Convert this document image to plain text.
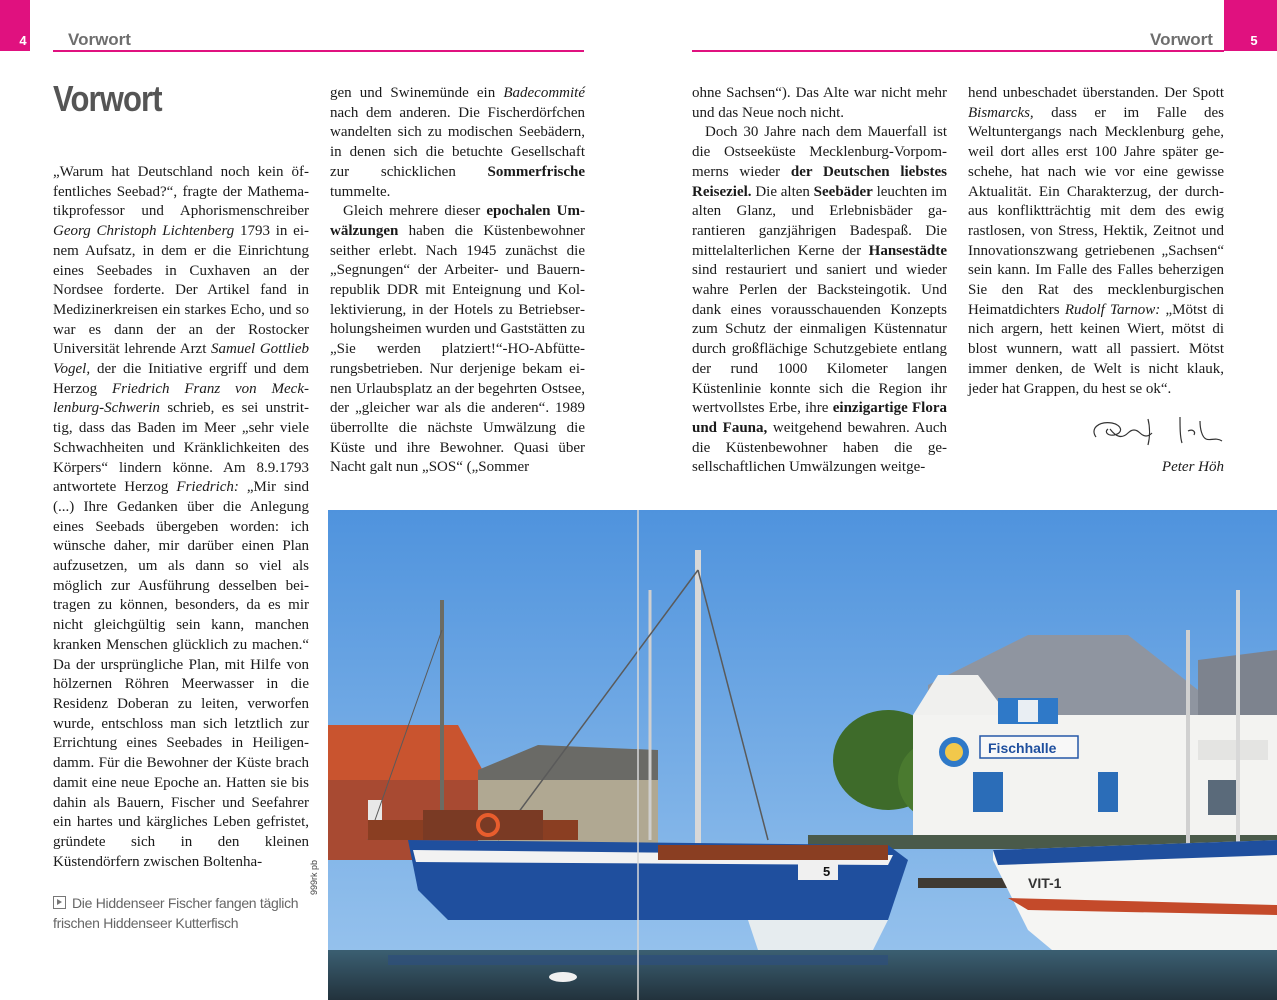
4	Vorwort	5
Vorwort
Vorwort

„Warum hat Deutschland noch kein öffentliches Seebad?“, fragte der Mathematikprofessor und Aphorismenschreiber Georg Christoph Lichtenberg 1793 in einem Aufsatz, in dem er die Einrichtung eines Seebades in Cuxhaven an der Nordsee forderte. Der Artikel fand in Medizinerkreisen ein starkes Echo, und so war es dann der an der Rostocker Universität lehrende Arzt Samuel Gottlieb Vogel, der die Initiative ergriff und dem Herzog Friedrich Franz von Mecklenburg-Schwerin schrieb, es sei unstrittig, dass das Baden im Meer „sehr viele Schwachheiten und Kränklichkeiten des Körpers“ lindern könne. Am 8.9.1793 antwortete Herzog Friedrich: „Mir sind (...) Ihre Gedanken über die Anlegung eines Seebads übergeben worden: ich wünsche daher, mir darüber einen Plan aufzusetzen, um als dann so viel als möglich zur Ausführung desselben beitragen zu können, besonders, da es mir nicht gleichgültig sein kann, manchen kranken Menschen glücklich zu machen.“ Da der ursprüngliche Plan, mit Hilfe von hölzernen Röhren Meerwasser in die Residenz Doberan zu leiten, verworfen wurde, entschloss man sich letztlich zur Errichtung eines Seebades in Heiligendamm. Für die Bewohner der Küste brach damit eine neue Epoche an. Hatten sie bis dahin als Bauern, Fischer und Seefahrer ein hartes und kärgliches Leben gefristet, gründete sich in den kleinen Küstendörfern zwischen Boltenha-

gen und Swinemünde ein Badecommité nach dem anderen. Die Fischerdörfchen wandelten sich zu modischen Seebädern, in denen sich die betuchte Gesellschaft zur schicklichen Sommerfrische tummelte.

Gleich mehrere dieser epochalen Umwälzungen haben die Küstenbewohner seither erlebt. Nach 1945 zunächst die „Segnungen“ der Arbeiter- und Bauernrepublik DDR mit Enteignung und Kollektivierung, in der Hotels zu Betriebserholungsheimen wurden und Gaststätten zu „Sie werden platziert!“-HO-Abfütterungsbetrieben. Nur derjenige bekam einen Urlaubsplatz an der begehrten Ostsee, der „gleicher war als die anderen“. 1989 überrollte die nächste Umwälzung die Küste und ihre Bewohner. Quasi über Nacht galt nun „SOS“ („Sommer

ohne Sachsen“). Das Alte war nicht mehr und das Neue noch nicht.

Doch 30 Jahre nach dem Mauerfall ist die Ostseeküste Mecklenburg-Vorpommerns wieder der Deutschen liebstes Reiseziel. Die alten Seebäder leuchten im alten Glanz, und Erlebnisbäder garantieren ganzjährigen Badespaß. Die mittelalterlichen Kerne der Hansestädte sind restauriert und saniert und wieder wahre Perlen der Backsteingotik. Und dank eines vorausschauenden Konzepts zum Schutz der einmaligen Küstennatur durch großflächige Schutzgebiete entlang der rund 1000 Kilometer langen Küstenlinie konnte sich die Region ihr wertvollstes Erbe, ihre einzigartige Flora und Fauna, weitgehend bewahren. Auch die Küstenbewohner haben die gesellschaftlichen Umwälzungen weitge-

hend unbeschadet überstanden. Der Spott Bismarcks, dass er im Falle des Weltuntergangs nach Mecklenburg gehe, weil dort alles erst 100 Jahre später geschehe, hat nach wie vor eine gewisse Aktualität. Ein Charakterzug, der durchaus konfliktträchtig mit dem des ewig rastlosen, von Stress, Hektik, Zeitnot und Innovationszwang getriebenen „Sachsen“ sein kann. Im Falle des Falles beherzigen Sie den Rat des mecklenburgischen Heimatdichters Rudolf Tarnow: „Mötst di nich argern, hett keinen Wiert, mötst di blost wunnern, watt all passiert. Mötst immer denken, de Welt is nicht klauk, jeder hat Grappen, du hest se ok“.

Peter Höh
Die Hiddenseer Fischer fangen täglich frischen Hiddenseer Kutterfisch
999rk pb
Fischhalle
5
VIT-1
